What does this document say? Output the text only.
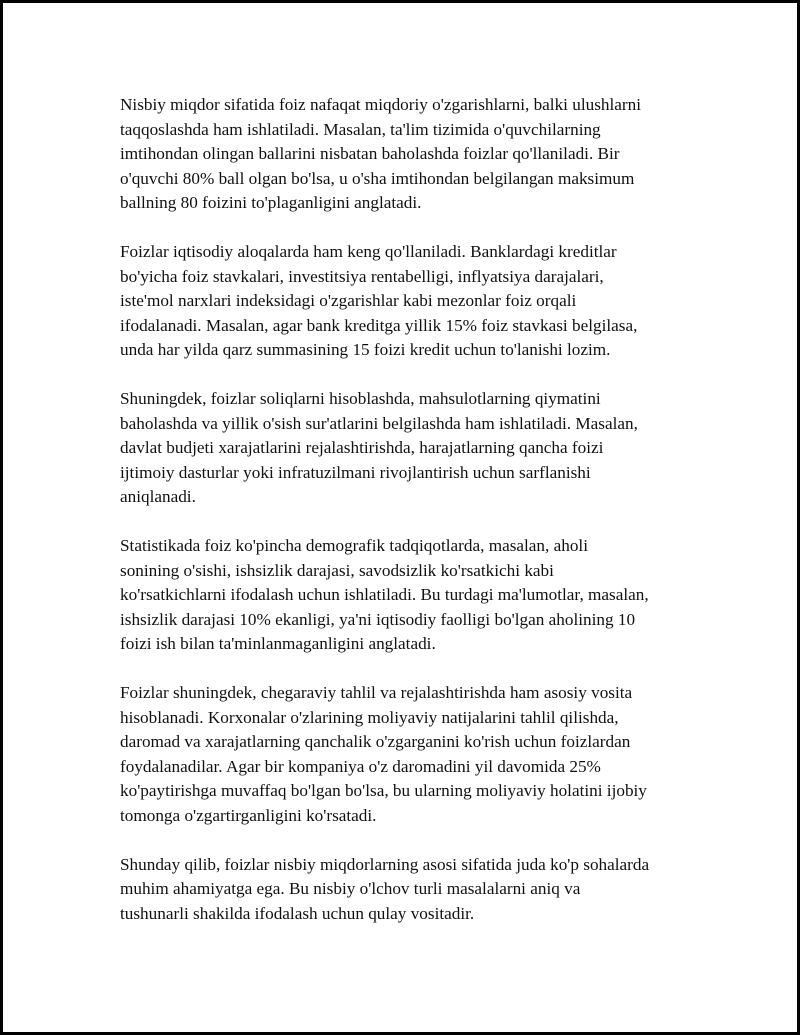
Nisbiy miqdor sifatida foiz nafaqat miqdoriy o'zgarishlarni, balki ulushlarni
taqqoslashda ham ishlatiladi. Masalan, ta'lim tizimida o'quvchilarning
imtihondan olingan ballarini nisbatan baholashda foizlar qo'llaniladi. Bir
o'quvchi 80% ball olgan bo'lsa, u o'sha imtihondan belgilangan maksimum
ballning 80 foizini to'plaganligini anglatadi.

Foizlar iqtisodiy aloqalarda ham keng qo'llaniladi. Banklardagi kreditlar
bo'yicha foiz stavkalari, investitsiya rentabelligi, inflyatsiya darajalari,
iste'mol narxlari indeksidagi o'zgarishlar kabi mezonlar foiz orqali
ifodalanadi. Masalan, agar bank kreditga yillik 15% foiz stavkasi belgilasa,
unda har yilda qarz summasining 15 foizi kredit uchun to'lanishi lozim.

Shuningdek, foizlar soliqlarni hisoblashda, mahsulotlarning qiymatini
baholashda va yillik o'sish sur'atlarini belgilashda ham ishlatiladi. Masalan,
davlat budjeti xarajatlarini rejalashtirishda, harajatlarning qancha foizi
ijtimoiy dasturlar yoki infratuzilmani rivojlantirish uchun sarflanishi
aniqlanadi.

Statistikada foiz ko'pincha demografik tadqiqotlarda, masalan, aholi
sonining o'sishi, ishsizlik darajasi, savodsizlik ko'rsatkichi kabi
ko'rsatkichlarni ifodalash uchun ishlatiladi. Bu turdagi ma'lumotlar, masalan,
ishsizlik darajasi 10% ekanligi, ya'ni iqtisodiy faolligi bo'lgan aholining 10
foizi ish bilan ta'minlanmaganligini anglatadi.

Foizlar shuningdek, chegaraviy tahlil va rejalashtirishda ham asosiy vosita
hisoblanadi. Korxonalar o'zlarining moliyaviy natijalarini tahlil qilishda,
daromad va xarajatlarning qanchalik o'zgarganini ko'rish uchun foizlardan
foydalanadilar. Agar bir kompaniya o'z daromadini yil davomida 25%
ko'paytirishga muvaffaq bo'lgan bo'lsa, bu ularning moliyaviy holatini ijobiy
tomonga o'zgartirganligini ko'rsatadi.

Shunday qilib, foizlar nisbiy miqdorlarning asosi sifatida juda ko'p sohalarda
muhim ahamiyatga ega. Bu nisbiy o'lchov turli masalalarni aniq va
tushunarli shakilda ifodalash uchun qulay vositadir.
